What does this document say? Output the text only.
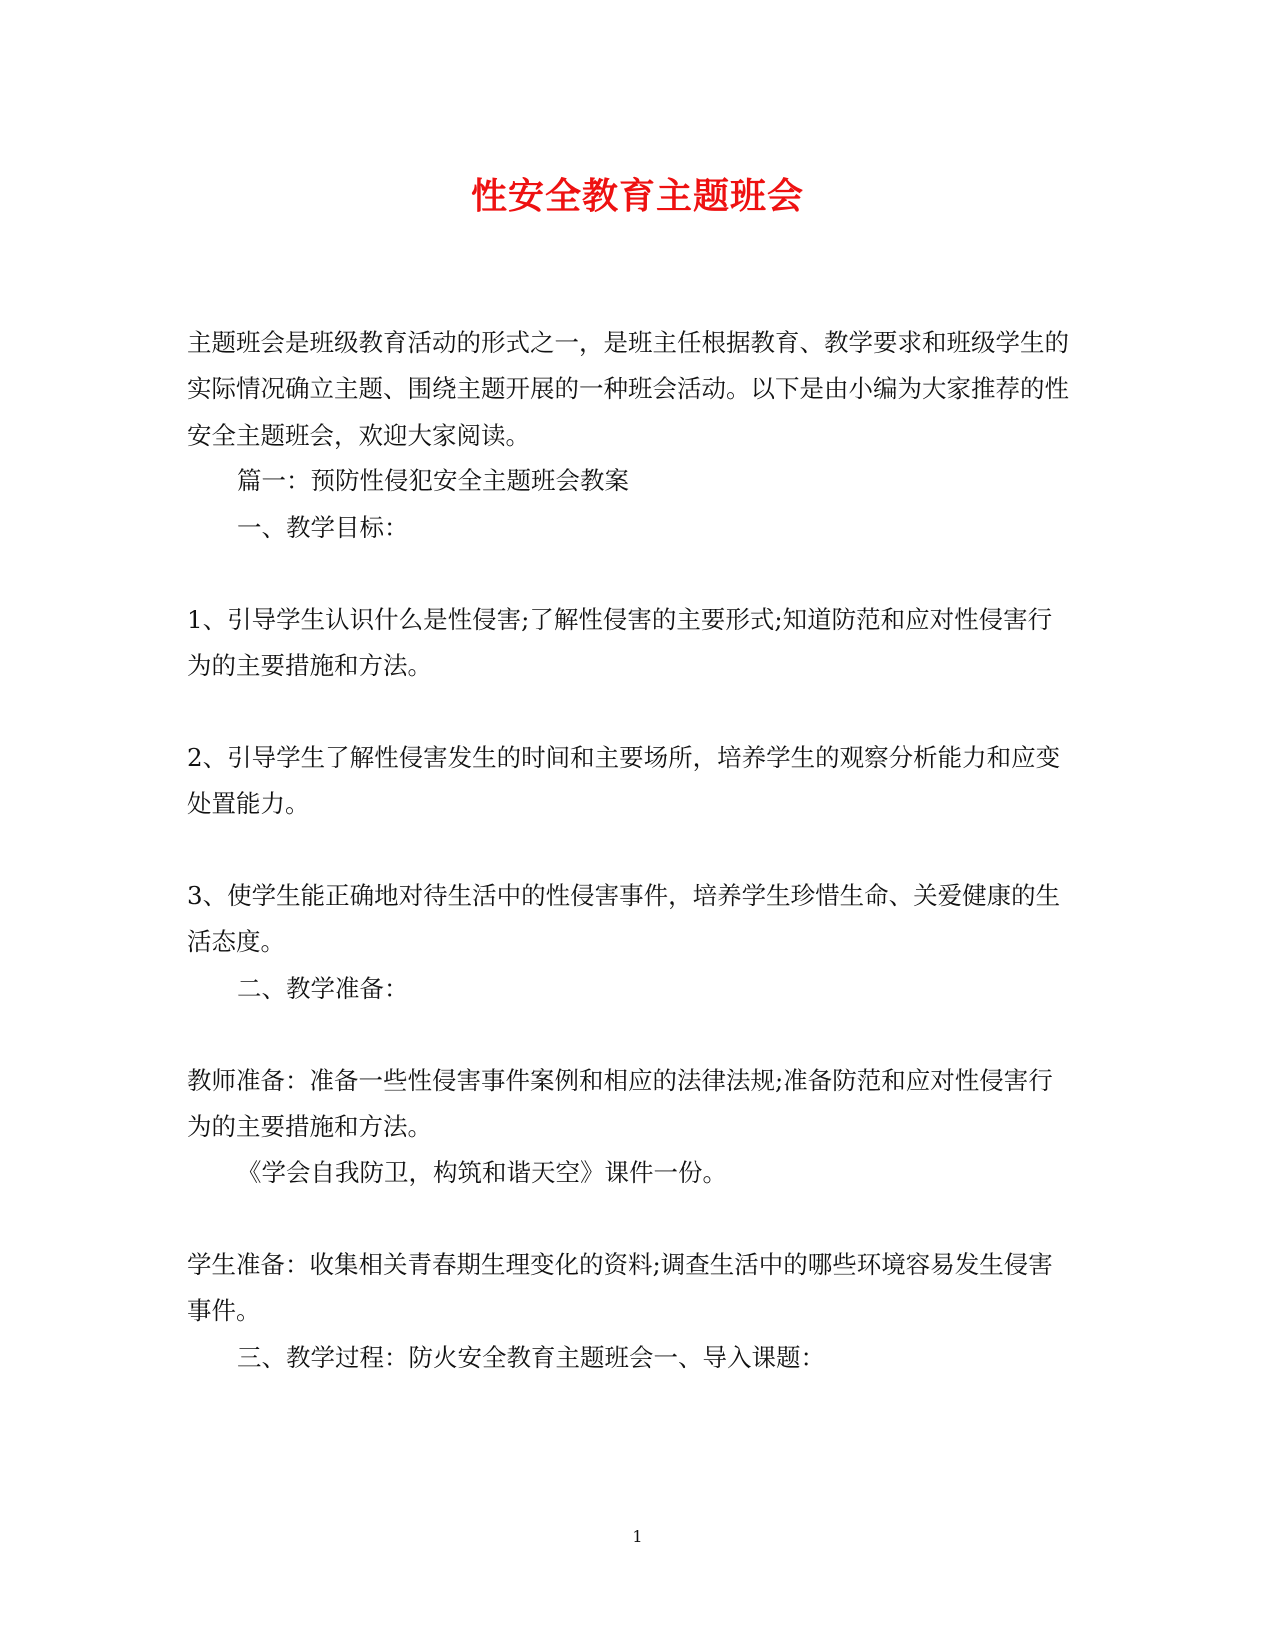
性安全教育主题班会

主题班会是班级教育活动的形式之一，是班主任根据教育、教学要求和班级学生的

实际情况确立主题、围绕主题开展的一种班会活动。以下是由小编为大家推荐的性

安全主题班会，欢迎大家阅读。

篇一：预防性侵犯安全主题班会教案

一、教学目标：

1、引导学生认识什么是性侵害;了解性侵害的主要形式;知道防范和应对性侵害行

为的主要措施和方法。

2、引导学生了解性侵害发生的时间和主要场所，培养学生的观察分析能力和应变

处置能力。

3、使学生能正确地对待生活中的性侵害事件，培养学生珍惜生命、关爱健康的生

活态度。

二、教学准备：

教师准备：准备一些性侵害事件案例和相应的法律法规;准备防范和应对性侵害行

为的主要措施和方法。

《学会自我防卫，构筑和谐天空》课件一份。

学生准备：收集相关青春期生理变化的资料;调查生活中的哪些环境容易发生侵害

事件。

三、教学过程：防火安全教育主题班会一、导入课题：

1
